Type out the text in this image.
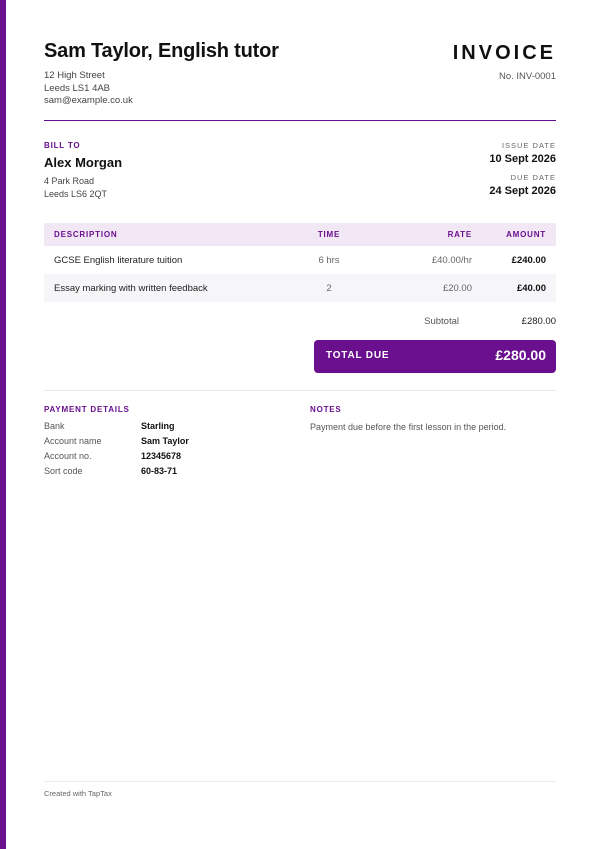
Sam Taylor, English tutor
12 High Street
Leeds LS1 4AB
sam@example.co.uk
INVOICE
No. INV-0001
BILL TO
Alex Morgan
4 Park Road
Leeds LS6 2QT
ISSUE DATE
10 Sept 2026
DUE DATE
24 Sept 2026
DESCRIPTION	TIME	RATE	AMOUNT
GCSE English literature tuition	6 hrs	£40.00/hr	£240.00
Essay marking with written feedback	2	£20.00	£40.00
Subtotal	£280.00
TOTAL DUE	£280.00
PAYMENT DETAILS
Bank	Starling
Account name	Sam Taylor
Account no.	12345678
Sort code	60-83-71
NOTES
Payment due before the first lesson in the period.
Created with TapTax
